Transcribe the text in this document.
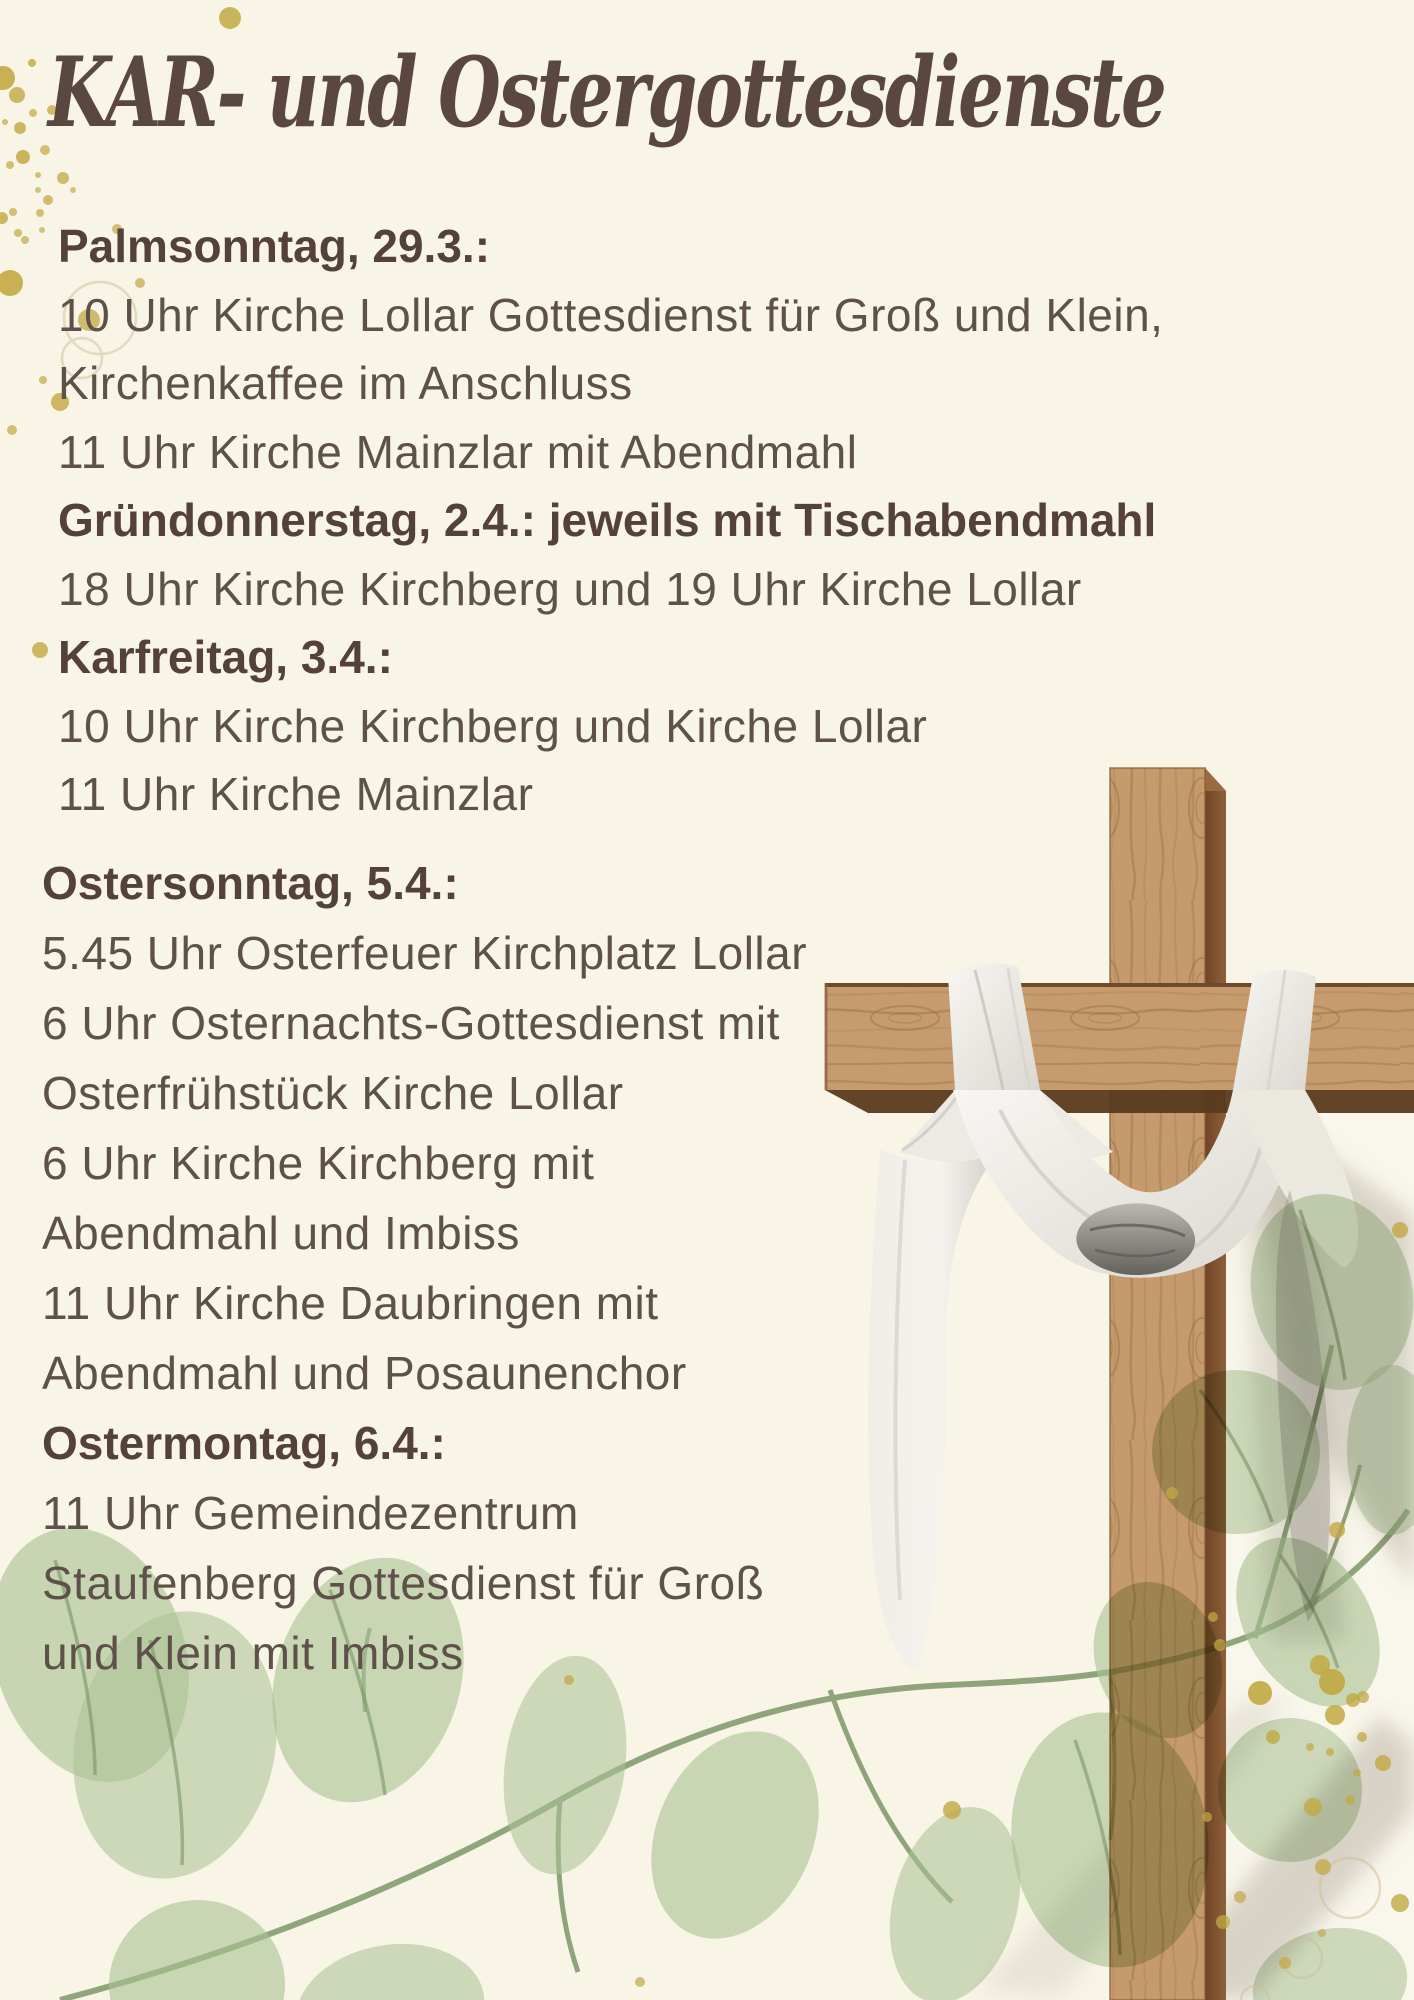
KAR- und Ostergottesdienste
Palmsonntag, 29.3.:
10 Uhr Kirche Lollar Gottesdienst für Groß und Klein,
Kirchenkaffee im Anschluss
11 Uhr Kirche Mainzlar mit Abendmahl
Gründonnerstag, 2.4.: jeweils mit Tischabendmahl
18 Uhr Kirche Kirchberg und 19 Uhr Kirche Lollar
Karfreitag, 3.4.:
10 Uhr Kirche Kirchberg und Kirche Lollar
11 Uhr Kirche Mainzlar
Ostersonntag, 5.4.:
5.45 Uhr Osterfeuer Kirchplatz Lollar
6 Uhr Osternachts-Gottesdienst mit
Osterfrühstück Kirche Lollar
6 Uhr Kirche Kirchberg mit
Abendmahl und Imbiss
11 Uhr Kirche Daubringen mit
Abendmahl und Posaunenchor
Ostermontag, 6.4.:
11 Uhr Gemeindezentrum
Staufenberg Gottesdienst für Groß
und Klein mit Imbiss
